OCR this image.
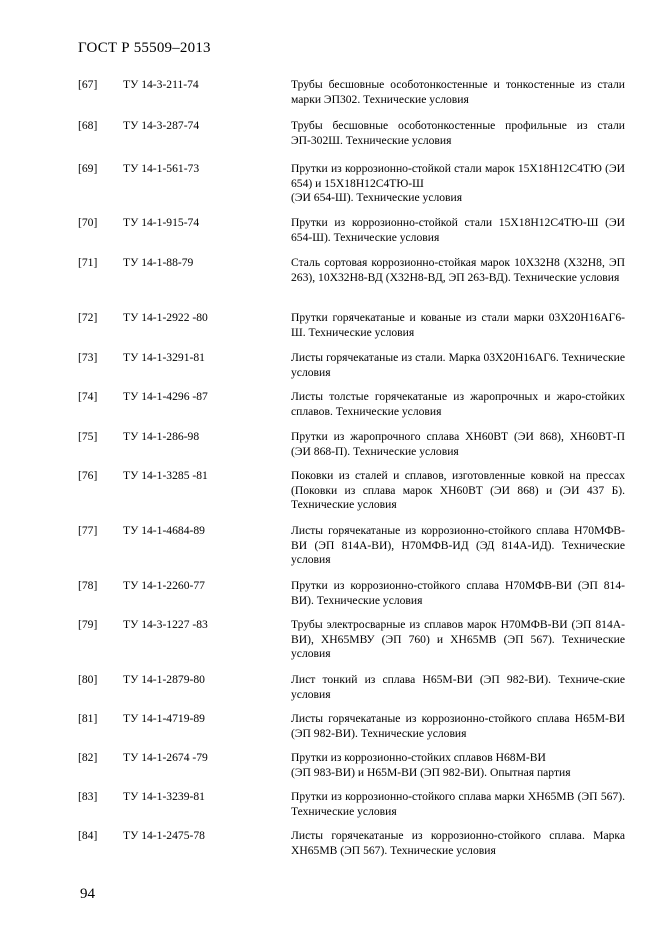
ГОСТ Р 55509–2013
[67] ТУ 14-3-211-74	Трубы бесшовные особотонкостенные и тонкостенные из стали марки ЭП302. Технические условия
[68] ТУ 14-3-287-74	Трубы бесшовные особотонкостенные профильные из стали ЭП-302Ш. Технические условия
[69] ТУ 14-1-561-73	Прутки из коррозионно-стойкой стали марок 15Х18Н12С4ТЮ (ЭИ 654) и 15Х18Н12С4ТЮ-Ш
(ЭИ 654-Ш). Технические условия
[70] ТУ 14-1-915-74	Прутки из коррозионно-стойкой стали 15Х18Н12С4ТЮ-Ш (ЭИ 654-Ш). Технические условия
[71] ТУ 14-1-88-79	Сталь сортовая коррозионно-стойкая марок 10Х32Н8 (Х32Н8, ЭП 263), 10Х32Н8-ВД (Х32Н8-ВД, ЭП 263-ВД). Технические условия
[72] ТУ 14-1-2922 -80	Прутки горячекатаные и кованые из стали марки 03Х20Н16АГ6-Ш. Технические условия
[73] ТУ 14-1-3291-81	Листы горячекатаные из стали. Марка 03Х20Н16АГ6. Технические условия
[74] ТУ 14-1-4296 -87	Листы толстые горячекатаные из жаропрочных и жаро-стойких сплавов. Технические условия
[75] ТУ 14-1-286-98	Прутки из жаропрочного сплава ХН60ВТ (ЭИ 868), ХН60ВТ-П (ЭИ 868-П). Технические условия
[76] ТУ 14-1-3285 -81	Поковки из сталей и сплавов, изготовленные ковкой на прессах (Поковки из сплава марок ХН60ВТ (ЭИ 868) и (ЭИ 437 Б). Технические условия
[77] ТУ 14-1-4684-89	Листы горячекатаные из коррозионно-стойкого сплава Н70МФВ-ВИ (ЭП 814А-ВИ), Н70МФВ-ИД (ЭД 814А-ИД). Технические условия
[78] ТУ 14-1-2260-77	Прутки из коррозионно-стойкого сплава Н70МФВ-ВИ (ЭП 814-ВИ). Технические условия
[79] ТУ 14-3-1227 -83	Трубы электросварные из сплавов марок Н70МФВ-ВИ (ЭП 814А-ВИ), ХН65МВУ (ЭП 760) и ХН65МВ (ЭП 567). Технические условия
[80] ТУ 14-1-2879-80	Лист тонкий из сплава Н65М-ВИ (ЭП 982-ВИ). Техниче-ские условия
[81] ТУ 14-1-4719-89	Листы горячекатаные из коррозионно-стойкого сплава Н65М-ВИ (ЭП 982-ВИ). Технические условия
[82] ТУ 14-1-2674 -79	Прутки из коррозионно-стойких сплавов Н68М-ВИ
(ЭП 983-ВИ) и Н65М-ВИ (ЭП 982-ВИ). Опытная партия
[83] ТУ 14-1-3239-81	Прутки из коррозионно-стойкого сплава марки ХН65МВ (ЭП 567). Технические условия
[84] ТУ 14-1-2475-78	Листы горячекатаные из коррозионно-стойкого сплава. Марка ХН65МВ (ЭП 567). Технические условия
94
